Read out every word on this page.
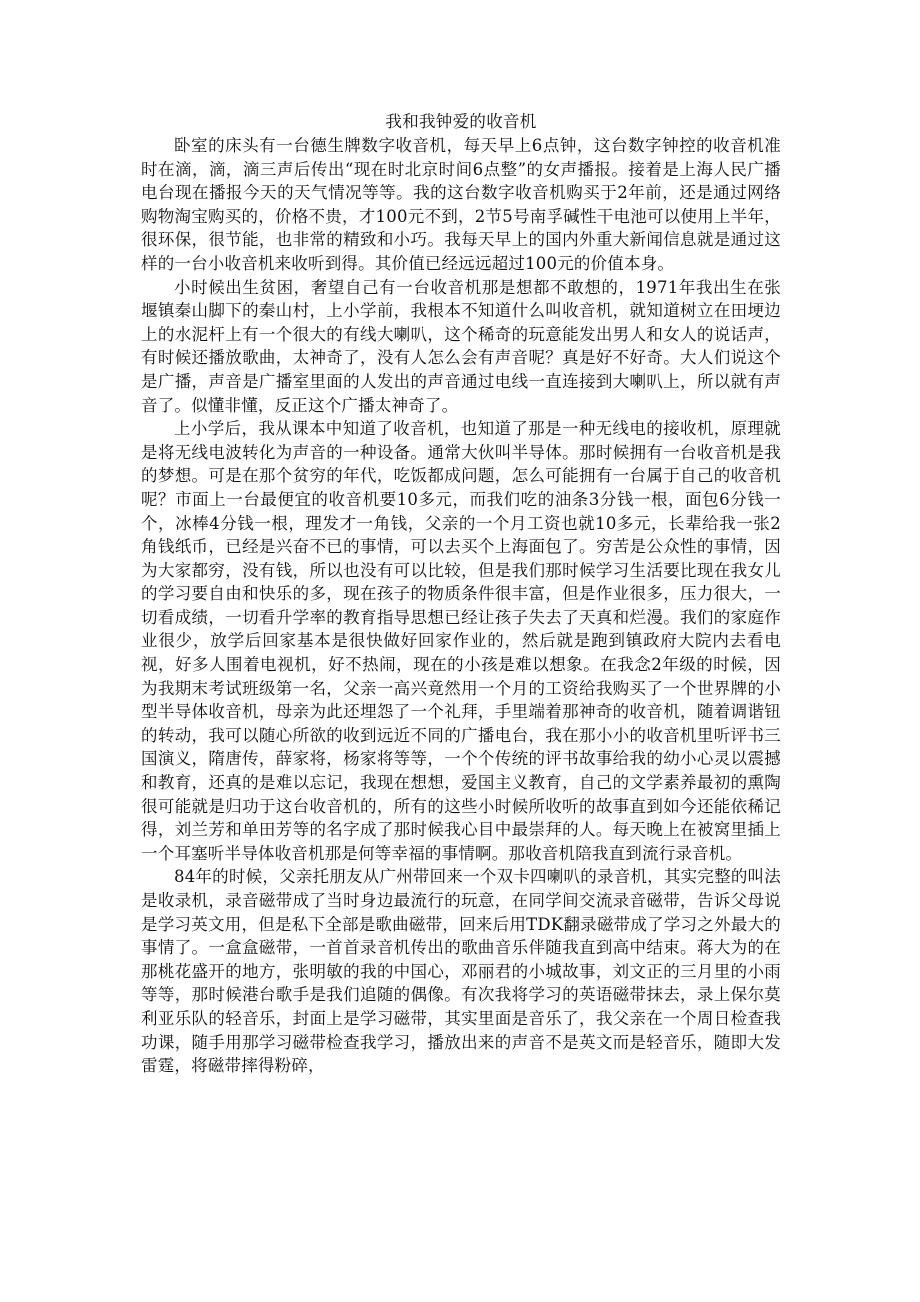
我和我钟爱的收音机

卧室的床头有一台德生牌数字收音机，每天早上6点钟，这台数字钟控的收音机准时在滴，滴，滴三声后传出“现在时北京时间6点整”的女声播报。接着是上海人民广播电台现在播报今天的天气情况等等。我的这台数字收音机购买于2年前，还是通过网络购物淘宝购买的，价格不贵，才100元不到，2节5号南孚碱性干电池可以使用上半年，很环保，很节能，也非常的精致和小巧。我每天早上的国内外重大新闻信息就是通过这样的一台小收音机来收听到得。其价值已经远远超过100元的价值本身。

小时候出生贫困，奢望自己有一台收音机那是想都不敢想的，1971年我出生在张堰镇秦山脚下的秦山村，上小学前，我根本不知道什么叫收音机，就知道树立在田埂边上的水泥杆上有一个很大的有线大喇叭，这个稀奇的玩意能发出男人和女人的说话声，有时候还播放歌曲，太神奇了，没有人怎么会有声音呢？真是好不好奇。大人们说这个是广播，声音是广播室里面的人发出的声音通过电线一直连接到大喇叭上，所以就有声音了。似懂非懂，反正这个广播太神奇了。

上小学后，我从课本中知道了收音机，也知道了那是一种无线电的接收机，原理就是将无线电波转化为声音的一种设备。通常大伙叫半导体。那时候拥有一台收音机是我的梦想。可是在那个贫穷的年代，吃饭都成问题，怎么可能拥有一台属于自己的收音机呢？市面上一台最便宜的收音机要10多元，而我们吃的油条3分钱一根，面包6分钱一个，冰棒4分钱一根，理发才一角钱，父亲的一个月工资也就10多元，长辈给我一张2角钱纸币，已经是兴奋不已的事情，可以去买个上海面包了。穷苦是公众性的事情，因为大家都穷，没有钱，所以也没有可以比较，但是我们那时候学习生活要比现在我女儿的学习要自由和快乐的多，现在孩子的物质条件很丰富，但是作业很多，压力很大，一切看成绩，一切看升学率的教育指导思想已经让孩子失去了天真和烂漫。我们的家庭作业很少，放学后回家基本是很快做好回家作业的，然后就是跑到镇政府大院内去看电视，好多人围着电视机，好不热闹，现在的小孩是难以想象。在我念2年级的时候，因为我期末考试班级第一名，父亲一高兴竟然用一个月的工资给我购买了一个世界牌的小型半导体收音机，母亲为此还埋怨了一个礼拜，手里端着那神奇的收音机，随着调谐钮的转动，我可以随心所欲的收到远近不同的广播电台，我在那小小的收音机里听评书三国演义，隋唐传，薛家将，杨家将等等，一个个传统的评书故事给我的幼小心灵以震撼和教育，还真的是难以忘记，我现在想想，爱国主义教育，自己的文学素养最初的熏陶很可能就是归功于这台收音机的，所有的这些小时候所收听的故事直到如今还能依稀记得，刘兰芳和单田芳等的名字成了那时候我心目中最崇拜的人。每天晚上在被窝里插上一个耳塞听半导体收音机那是何等幸福的事情啊。那收音机陪我直到流行录音机。

84年的时候，父亲托朋友从广州带回来一个双卡四喇叭的录音机，其实完整的叫法是收录机，录音磁带成了当时身边最流行的玩意，在同学间交流录音磁带，告诉父母说是学习英文用，但是私下全部是歌曲磁带，回来后用TDK翻录磁带成了学习之外最大的事情了。一盒盒磁带，一首首录音机传出的歌曲音乐伴随我直到高中结束。蒋大为的在那桃花盛开的地方，张明敏的我的中国心，邓丽君的小城故事，刘文正的三月里的小雨等等，那时候港台歌手是我们追随的偶像。有次我将学习的英语磁带抹去，录上保尔莫利亚乐队的轻音乐，封面上是学习磁带，其实里面是音乐了，我父亲在一个周日检查我功课，随手用那学习磁带检查我学习，播放出来的声音不是英文而是轻音乐，随即大发雷霆，将磁带摔得粉碎，
